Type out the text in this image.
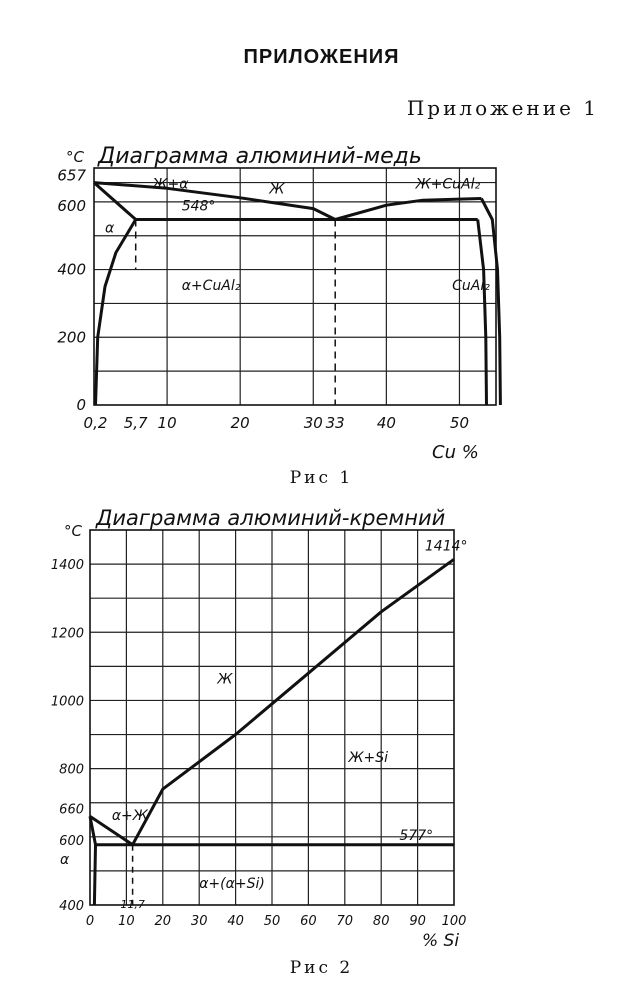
ПРИЛОЖЕНИЯ
Приложение 1
Диаграмма алюминий-медь
°C
Cu %
0
200
400
600
657
0,2 5,7 10	20	30 33 40	50
Ж+α	Ж	Ж+CuAl₂
548°
α
α+CuAl₂	CuAl₂
Диаграмма алюминий-кремний
°C
% Si
400
600
660
800
1000
1200
1400
0 10 20 30 40 50 60 70 80 90 100
11,7
α+Ж
Ж
Ж+Si
577°
1414°
α+(α+Si)
α
Рис 1
Рис 2
